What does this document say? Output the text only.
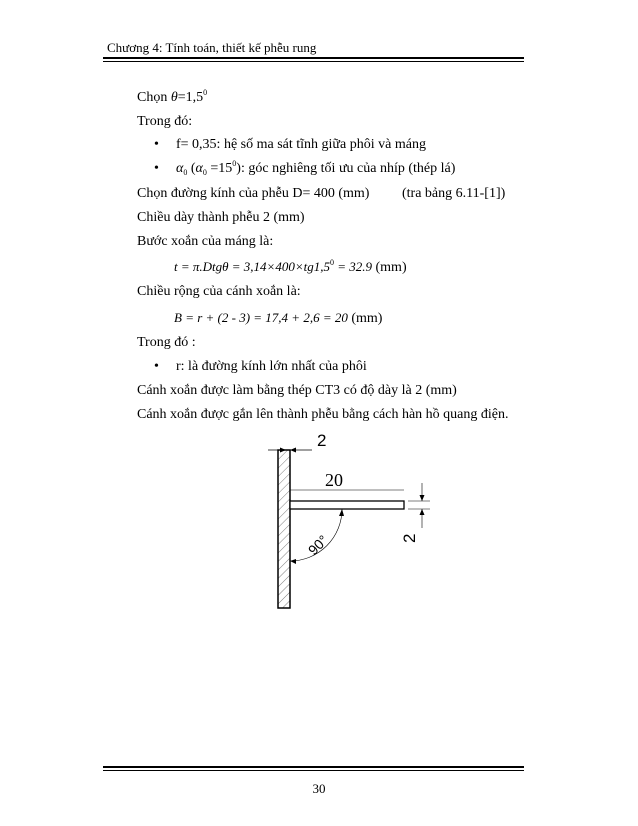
Chương 4: Tính toán, thiết kế phễu rung
Chọn $\theta=1,5^0$
Trong đó:
• f= 0,35: hệ số ma sát tĩnh giữa phôi và máng
• $\alpha_0$ $(\alpha_0 =15^0)$: góc nghiêng tối ưu của nhíp (thép lá)
Chọn đường kính của phễu D= 400 (mm) (tra bảng 6.11-[1])
Chiều dày thành phễu 2 (mm)
Bước xoắn của máng là:
$t = \pi.Dtg\theta = 3,14\times 400\times tg1,5^0 = 32.9$ (mm)
Chiều rộng của cánh xoắn là:
B = r + (2 - 3) = 17,4 + 2,6 = 20 (mm)
Trong đó :
• r: là đường kính lớn nhất của phôi
Cánh xoắn được làm bằng thép CT3 có độ dày là 2 (mm)
Cánh xoắn được gắn lên thành phễu bằng cách hàn hồ quang điện.
2
20
2
90°
30
